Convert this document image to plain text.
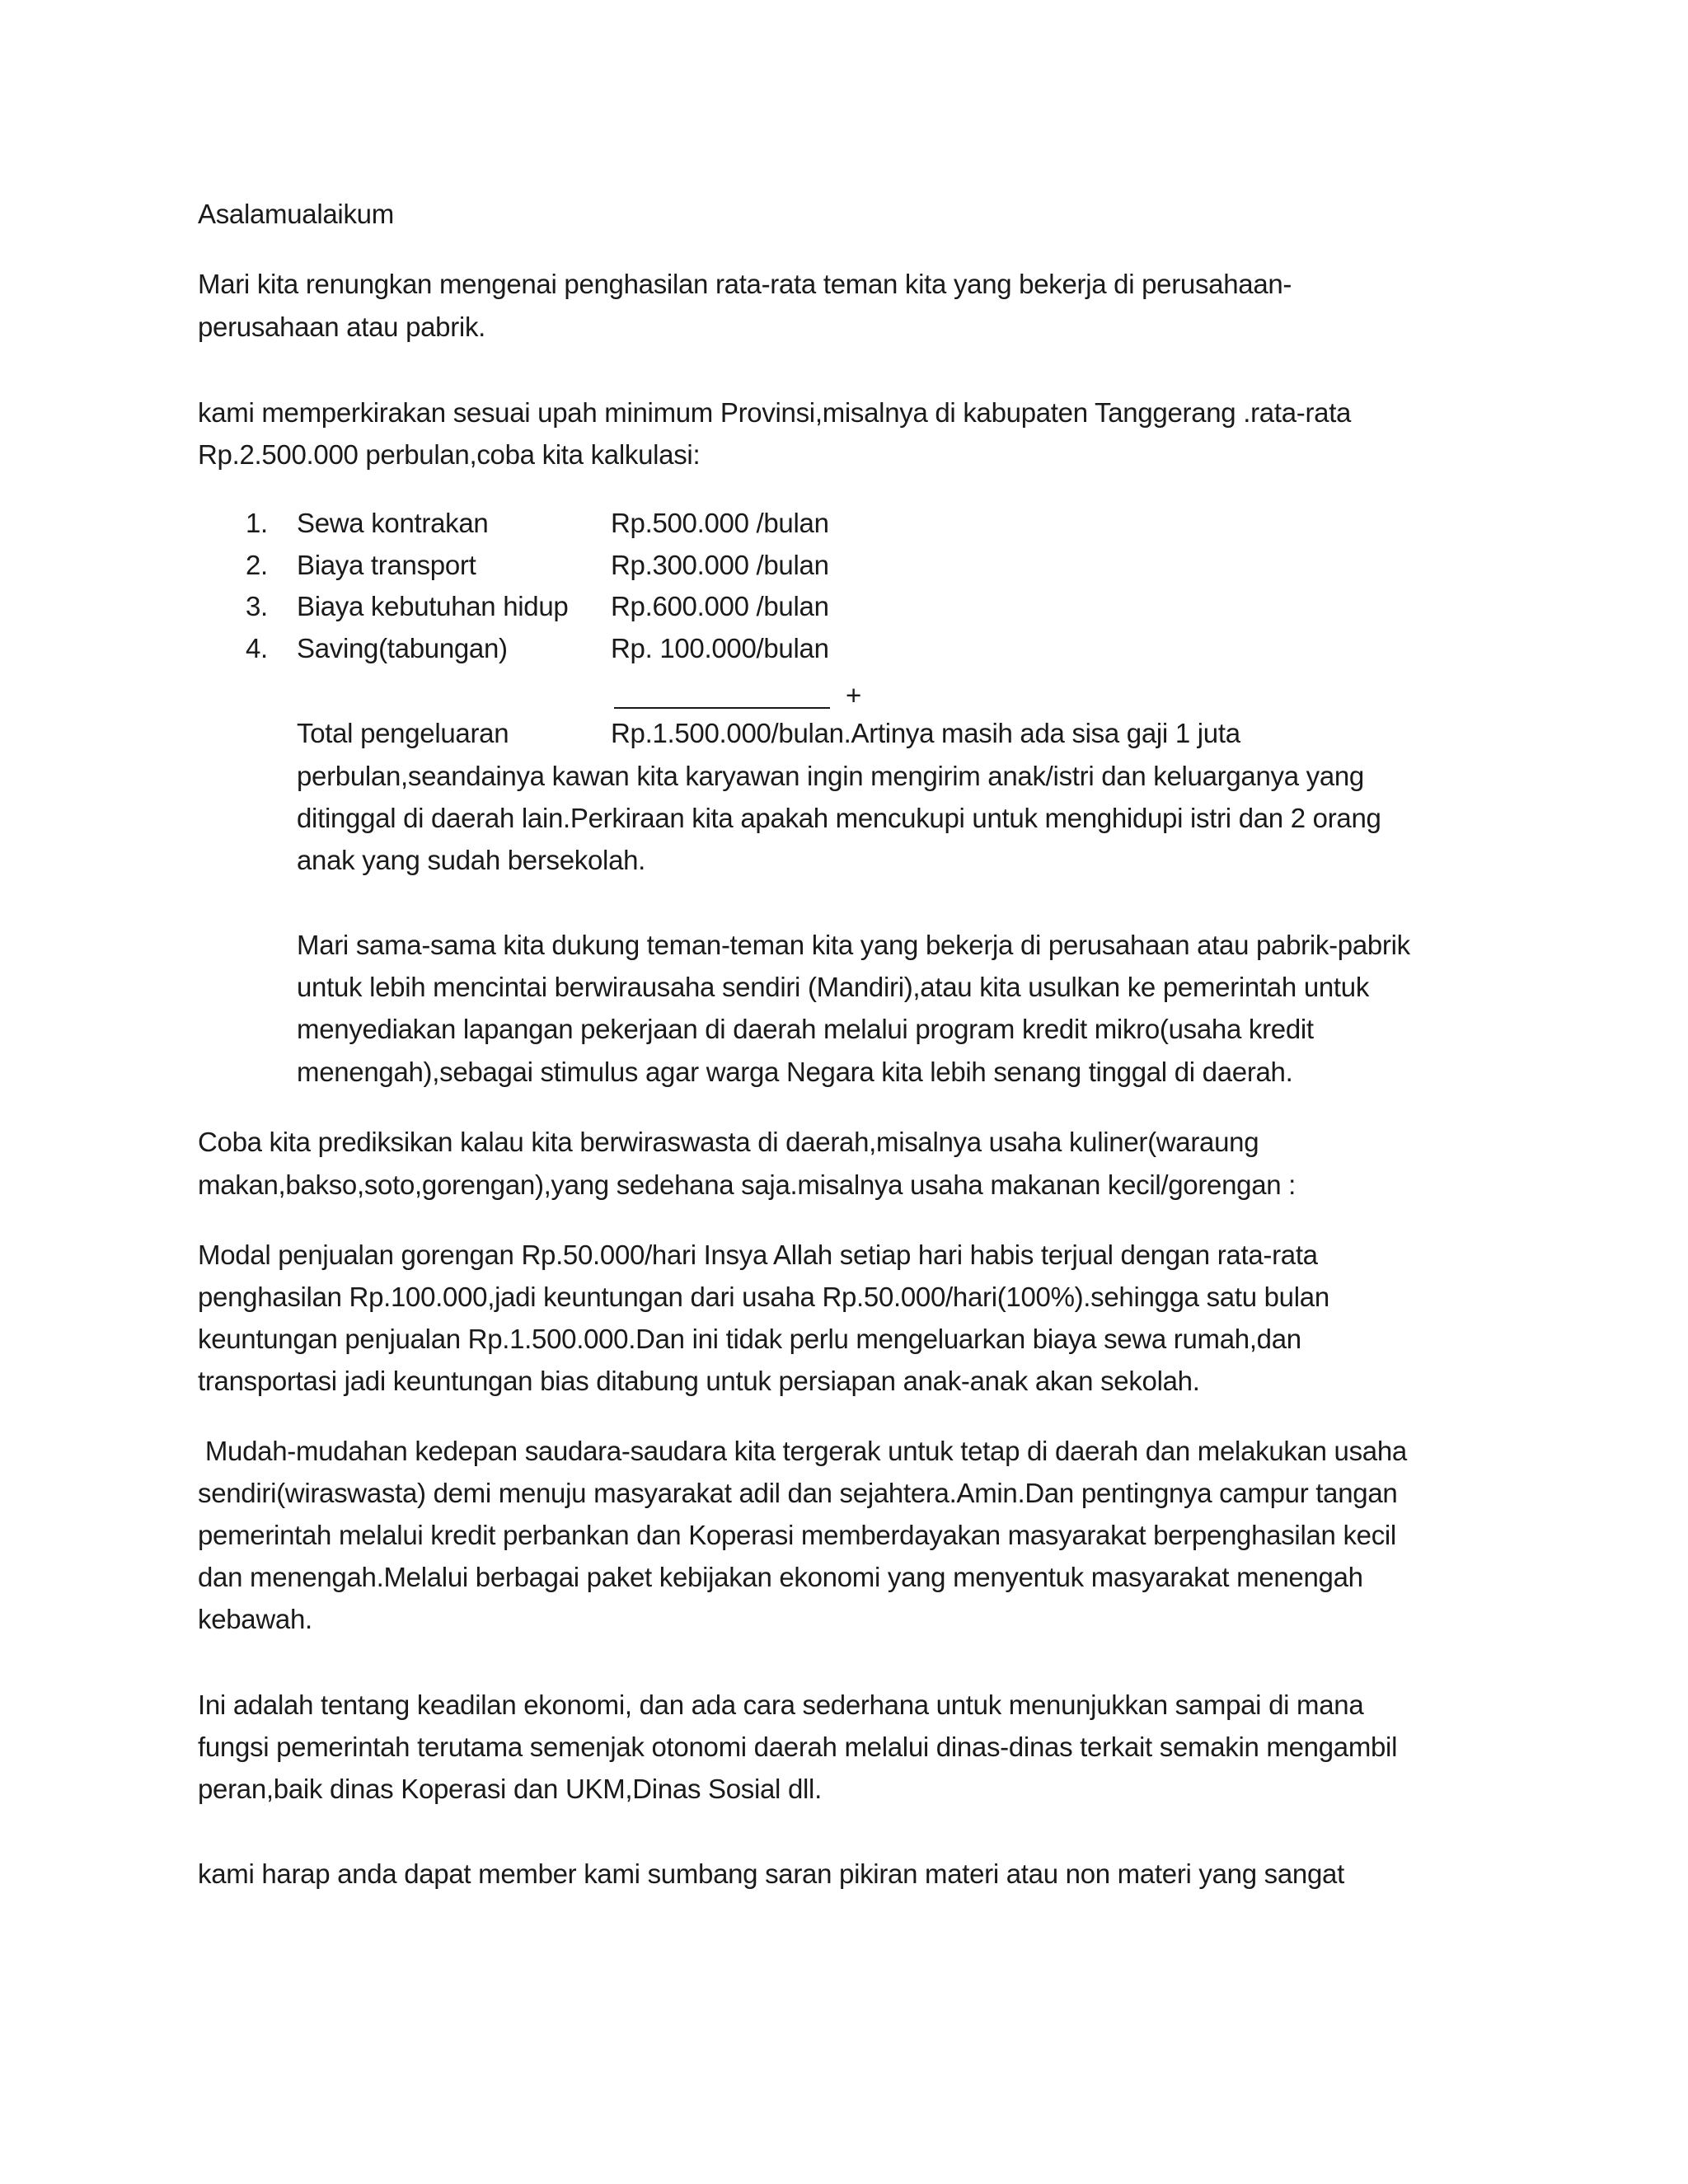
Asalamualaikum
Mari kita renungkan mengenai penghasilan rata-rata teman kita yang bekerja di perusahaan-
perusahaan atau pabrik.
kami memperkirakan sesuai upah minimum Provinsi,misalnya di kabupaten Tanggerang .rata-rata
Rp.2.500.000 perbulan,coba kita kalkulasi:
1. Sewa kontrakan	Rp.500.000 /bulan
2. Biaya transport	Rp.300.000 /bulan
3. Biaya kebutuhan hidup Rp.600.000 /bulan
4. Saving(tabungan)	Rp. 100.000/bulan
+
Total pengeluaran	Rp.1.500.000/bulan.Artinya masih ada sisa gaji 1 juta
perbulan,seandainya kawan kita karyawan ingin mengirim anak/istri dan keluarganya yang
ditinggal di daerah lain.Perkiraan kita apakah mencukupi untuk menghidupi istri dan 2 orang
anak yang sudah bersekolah.
Mari sama-sama kita dukung teman-teman kita yang bekerja di perusahaan atau pabrik-pabrik
untuk lebih mencintai berwirausaha sendiri (Mandiri),atau kita usulkan ke pemerintah untuk
menyediakan lapangan pekerjaan di daerah melalui program kredit mikro(usaha kredit
menengah),sebagai stimulus agar warga Negara kita lebih senang tinggal di daerah.
Coba kita prediksikan kalau kita berwiraswasta di daerah,misalnya usaha kuliner(waraung
makan,bakso,soto,gorengan),yang sedehana saja.misalnya usaha makanan kecil/gorengan :
Modal penjualan gorengan Rp.50.000/hari Insya Allah setiap hari habis terjual dengan rata-rata
penghasilan Rp.100.000,jadi keuntungan dari usaha Rp.50.000/hari(100%).sehingga satu bulan
keuntungan penjualan Rp.1.500.000.Dan ini tidak perlu mengeluarkan biaya sewa rumah,dan
transportasi jadi keuntungan bias ditabung untuk persiapan anak-anak akan sekolah.
Mudah-mudahan kedepan saudara-saudara kita tergerak untuk tetap di daerah dan melakukan usaha
sendiri(wiraswasta) demi menuju masyarakat adil dan sejahtera.Amin.Dan pentingnya campur tangan
pemerintah melalui kredit perbankan dan Koperasi memberdayakan masyarakat berpenghasilan kecil
dan menengah.Melalui berbagai paket kebijakan ekonomi yang menyentuk masyarakat menengah
kebawah.
Ini adalah tentang keadilan ekonomi, dan ada cara sederhana untuk menunjukkan sampai di mana
fungsi pemerintah terutama semenjak otonomi daerah melalui dinas-dinas terkait semakin mengambil
peran,baik dinas Koperasi dan UKM,Dinas Sosial dll.
kami harap anda dapat member kami sumbang saran pikiran materi atau non materi yang sangat
